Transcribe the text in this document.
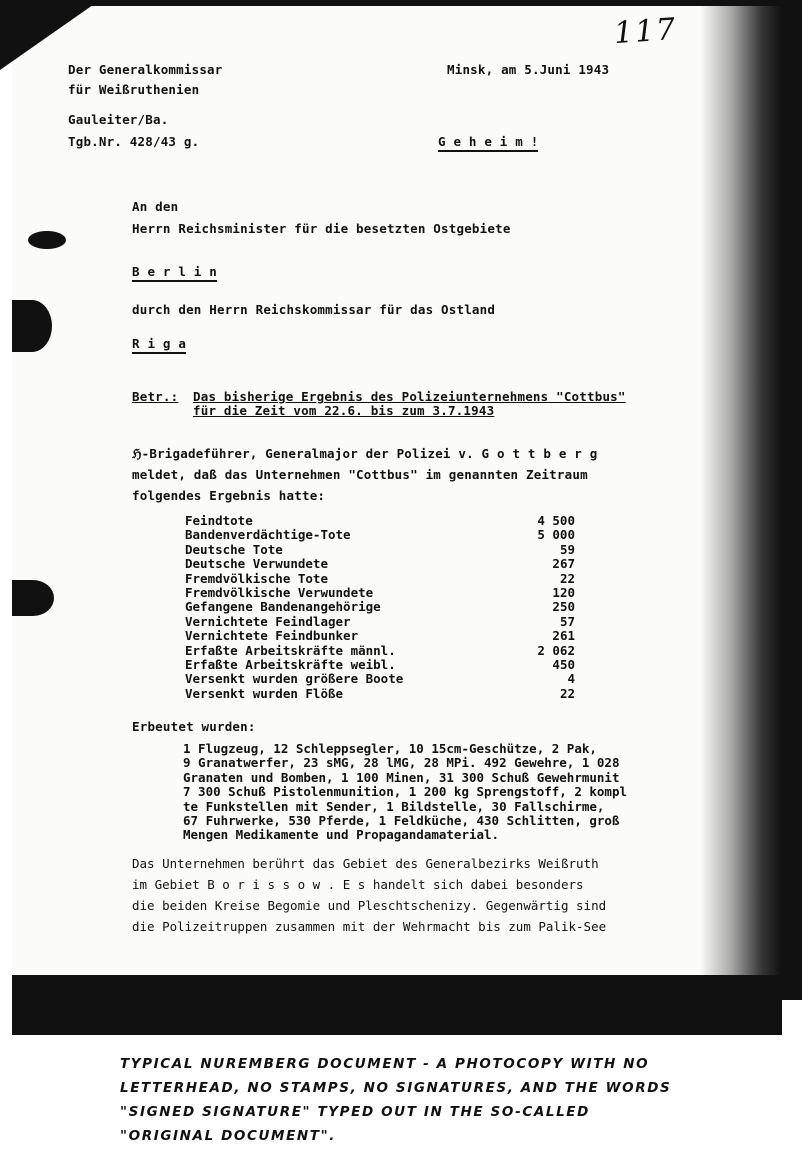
117
Der Generalkommissar
für Weißruthenien
Minsk, am 5.Juni 1943
Gauleiter/Ba.
Tgb.Nr. 428/43 g.	G e h e i m !
An den
Herrn Reichsminister für die besetzten Ostgebiete
B e r l i n
durch den Herrn Reichskommissar für das Ostland
R i g a
Betr.: Das bisherige Ergebnis des Polizeiunternehmens "Cottbus"
für die Zeit vom 22.6. bis zum 3.7.1943
ℌ-Brigadeführer, Generalmajor der Polizei v. G o t t b e r g
meldet, daß das Unternehmen "Cottbus" im genannten Zeitraum
folgendes Ergebnis hatte:
Feindtote	4 500
Bandenverdächtige-Tote	5 000
Deutsche Tote	59
Deutsche Verwundete	267
Fremdvölkische Tote	22
Fremdvölkische Verwundete	120
Gefangene Bandenangehörige	250
Vernichtete Feindlager	57
Vernichtete Feindbunker	261
Erfaßte Arbeitskräfte männl.	2 062
Erfaßte Arbeitskräfte weibl.	450
Versenkt wurden größere Boote	4
Versenkt wurden Flöße	22
Erbeutet wurden:
1 Flugzeug, 12 Schleppsegler, 10 15cm-Geschütze, 2 Pak,
9 Granatwerfer, 23 sMG, 28 lMG, 28 MPi. 492 Gewehre, 1 028
Granaten und Bomben, 1 100 Minen, 31 300 Schuß Gewehrmunit
7 300 Schuß Pistolenmunition, 1 200 kg Sprengstoff, 2 kompl
te Funkstellen mit Sender, 1 Bildstelle, 30 Fallschirme,
67 Fuhrwerke, 530 Pferde, 1 Feldküche, 430 Schlitten, groß
Mengen Medikamente und Propagandamaterial.
Das Unternehmen berührt das Gebiet des Generalbezirks Weißruth
im Gebiet B o r i s s o w . E s handelt sich dabei besonders
die beiden Kreise Begomie und Pleschtschenizy. Gegenwärtig sind
die Polizeitruppen zusammen mit der Wehrmacht bis zum Palik-See
TYPICAL NUREMBERG DOCUMENT - A PHOTOCOPY WITH NO
LETTERHEAD, NO STAMPS, NO SIGNATURES, AND THE WORDS
"SIGNED SIGNATURE" TYPED OUT IN THE SO-CALLED
"ORIGINAL DOCUMENT".
